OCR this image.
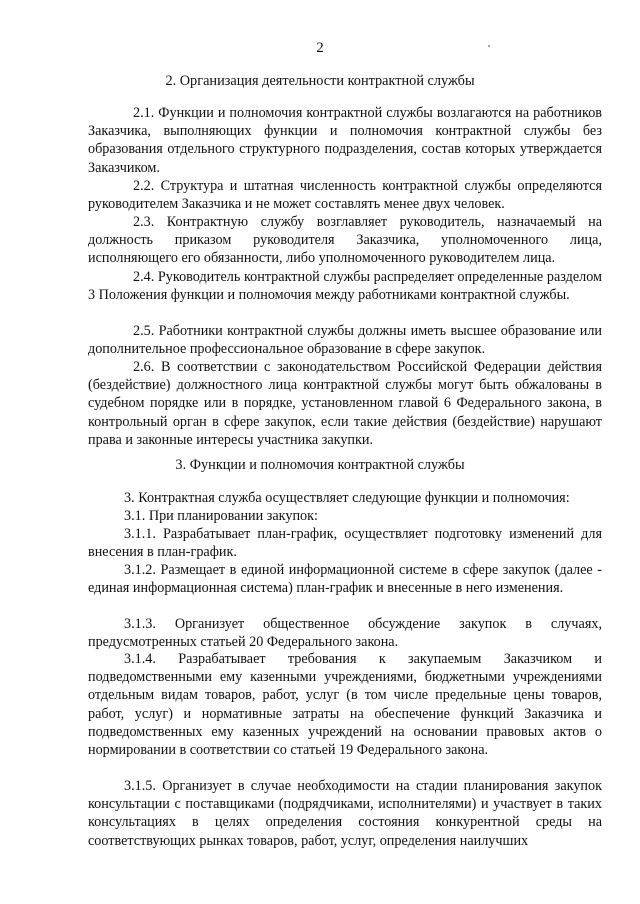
2
2. Организация деятельности контрактной службы

2.1. Функции и полномочия контрактной службы возлагаются на работников Заказчика, выполняющих функции и полномочия контрактной службы без образования отдельного структурного подразделения, состав которых утверждается Заказчиком.

2.2. Структура и штатная численность контрактной службы определяются руководителем Заказчика и не может составлять менее двух человек.

2.3. Контрактную службу возглавляет руководитель, назначаемый на должность приказом руководителя Заказчика, уполномоченного лица, исполняющего его обязанности, либо уполномоченного руководителем лица.

2.4. Руководитель контрактной службы распределяет определенные разделом 3 Положения функции и полномочия между работниками контрактной службы.

2.5. Работники контрактной службы должны иметь высшее образование или дополнительное профессиональное образование в сфере закупок.

2.6. В соответствии с законодательством Российской Федерации действия (бездействие) должностного лица контрактной службы могут быть обжалованы в судебном порядке или в порядке, установленном главой 6 Федерального закона, в контрольный орган в сфере закупок, если такие действия (бездействие) нарушают права и законные интересы участника закупки.

3. Функции и полномочия контрактной службы

3. Контрактная служба осуществляет следующие функции и полномочия:

3.1. При планировании закупок:

3.1.1. Разрабатывает план-график, осуществляет подготовку изменений для внесения в план-график.

3.1.2. Размещает в единой информационной системе в сфере закупок (далее - единая информационная система) план-график и внесенные в него изменения.

3.1.3. Организует общественное обсуждение закупок в случаях, предусмотренных статьей 20 Федерального закона.

3.1.4. Разрабатывает требования к закупаемым Заказчиком и подведомственными ему казенными учреждениями, бюджетными учреждениями отдельным видам товаров, работ, услуг (в том числе предельные цены товаров, работ, услуг) и нормативные затраты на обеспечение функций Заказчика и подведомственных ему казенных учреждений на основании правовых актов о нормировании в соответствии со статьей 19 Федерального закона.

3.1.5. Организует в случае необходимости на стадии планирования закупок консультации с поставщиками (подрядчиками, исполнителями) и участвует в таких консультациях в целях определения состояния конкурентной среды на соответствующих рынках товаров, работ, услуг, определения наилучших
